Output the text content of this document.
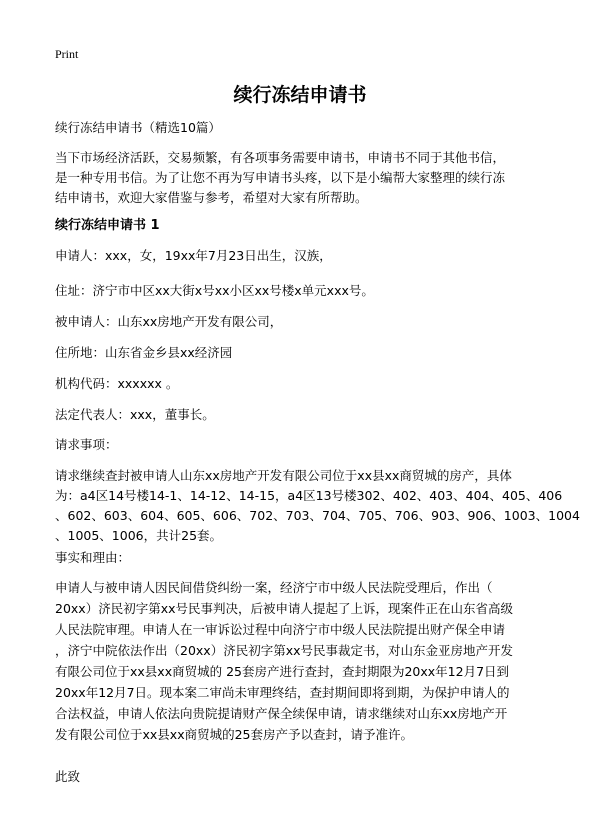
Print
续行冻结申请书
续行冻结申请书（精选10篇）
当下市场经济活跃，交易频繁，有各项事务需要申请书，申请书不同于其他书信，
是一种专用书信。为了让您不再为写申请书头疼，以下是小编帮大家整理的续行冻
结申请书，欢迎大家借鉴与参考，希望对大家有所帮助。
续行冻结申请书 1
申请人：xxx，女，19xx年7月23日出生，汉族，
住址：济宁市中区xx大街x号xx小区xx号楼x单元xxx号。
被申请人：山东xx房地产开发有限公司，
住所地：山东省金乡县xx经济园
机构代码：xxxxxx 。
法定代表人：xxx，董事长。
请求事项：
请求继续查封被申请人山东xx房地产开发有限公司位于xx县xx商贸城的房产，具体
为：a4区14号楼14-1、14-12、14-15，a4区13号楼302、402、403、404、405、406
、602、603、604、605、606、702、703、704、705、706、903、906、1003、1004
、1005、1006，共计25套。
事实和理由：
申请人与被申请人因民间借贷纠纷一案，经济宁市中级人民法院受理后，作出（
20xx）济民初字第xx号民事判决，后被申请人提起了上诉，现案件正在山东省高级
人民法院审理。申请人在一审诉讼过程中向济宁市中级人民法院提出财产保全申请
，济宁中院依法作出（20xx）济民初字第xx号民事裁定书，对山东金亚房地产开发
有限公司位于xx县xx商贸城的 25套房产进行查封，查封期限为20xx年12月7日到
20xx年12月7日。现本案二审尚未审理终结，查封期间即将到期，为保护申请人的
合法权益，申请人依法向贵院提请财产保全续保申请，请求继续对山东xx房地产开
发有限公司位于xx县xx商贸城的25套房产予以查封，请予准许。
此致
